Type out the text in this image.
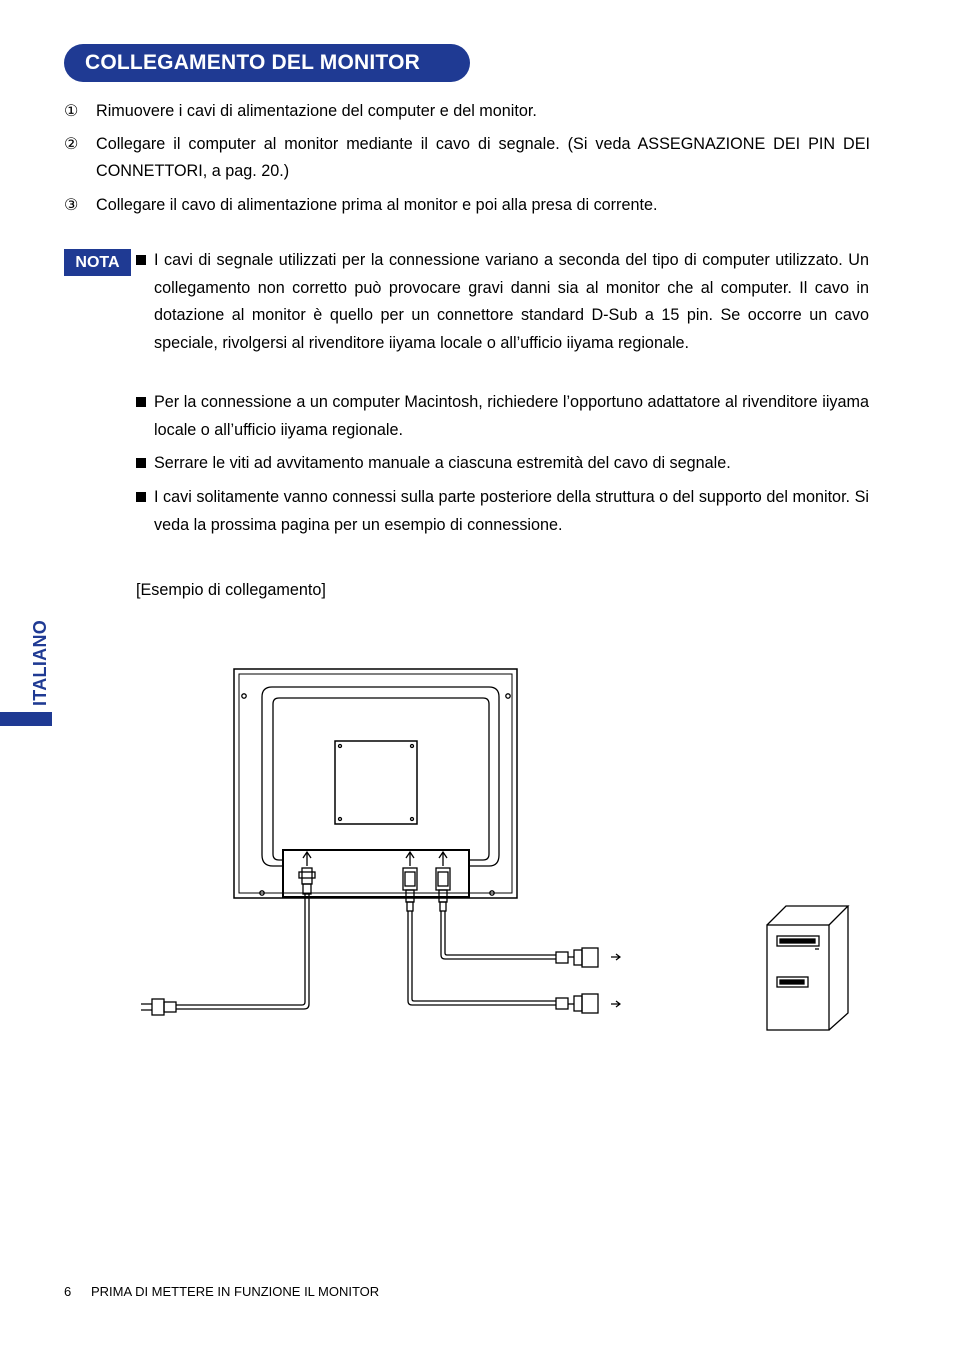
COLLEGAMENTO DEL MONITOR
①	Rimuovere i cavi di alimentazione del computer e del monitor.
②	Collegare il computer al monitor mediante il cavo di segnale. (Si veda ASSEGNAZIONE DEI PIN DEI CONNETTORI, a pag. 20.)
③	Collegare il cavo di alimentazione prima al monitor e poi alla presa di corrente.
NOTA	I cavi di segnale utilizzati per la connessione variano a seconda del tipo di computer utilizzato. Un collegamento non corretto può provocare gravi danni sia al monitor che al computer. Il cavo in dotazione al monitor è quello per un connettore standard D-Sub a 15 pin. Se occorre un cavo speciale, rivolgersi al rivenditore iiyama locale o all’ufficio iiyama regionale.
Per la connessione a un computer Macintosh, richiedere l’opportuno adattatore al rivenditore iiyama locale o all’ufficio iiyama regionale.
Serrare le viti ad avvitamento manuale a ciascuna estremità del cavo di segnale.
I cavi solitamente vanno connessi sulla parte posteriore della struttura o del supporto del monitor. Si veda la prossima pagina per un esempio di connessione.
[Esempio di collegamento]
ITALIANO
6 PRIMA DI METTERE IN FUNZIONE IL MONITOR
